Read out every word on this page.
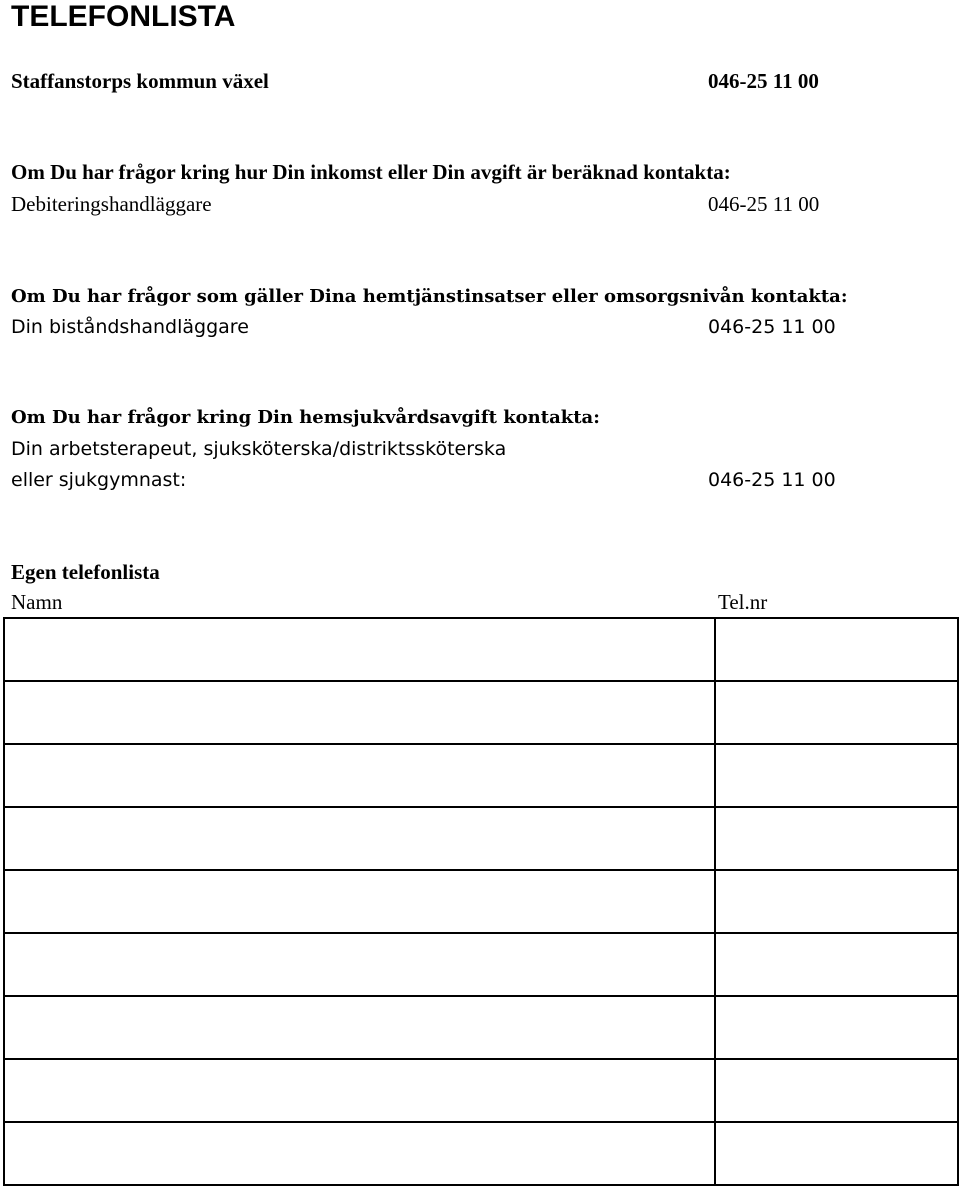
TELEFONLISTA
Staffanstorps kommun växel	046-25 11 00
Om Du har frågor kring hur Din inkomst eller Din avgift är beräknad kontakta:
Debiteringshandläggare	046-25 11 00
Om Du har frågor som gäller Dina hemtjänstinsatser eller omsorgsnivån kontakta:
Din biståndshandläggare	046-25 11 00
Om Du har frågor kring Din hemsjukvårdsavgift kontakta:
Din arbetsterapeut, sjuksköterska/distriktssköterska
eller sjukgymnast:	046-25 11 00
Egen telefonlista
Namn	Tel.nr
